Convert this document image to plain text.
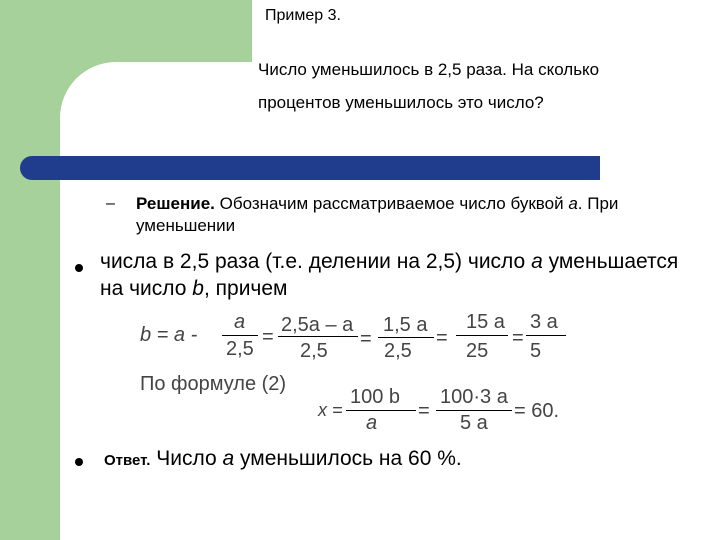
Пример 3.
Число уменьшилось в 2,5 раза. На сколько
процентов уменьшилось это число?
– Решение. Обозначим рассматриваемое число буквой a. При уменьшении
числа в 2,5 раза (т.е. делении на 2,5) число а уменьшается на число b, причем
b = a -
a
2,5
=
2,5a – a
2,5
=
1,5 a
2,5
=
15 a
25
=
3 a
5
По формуле (2)
x =
100 b
a
=
100·3 a
5 a
= 60.
Ответ. Число а уменьшилось на 60 %.
